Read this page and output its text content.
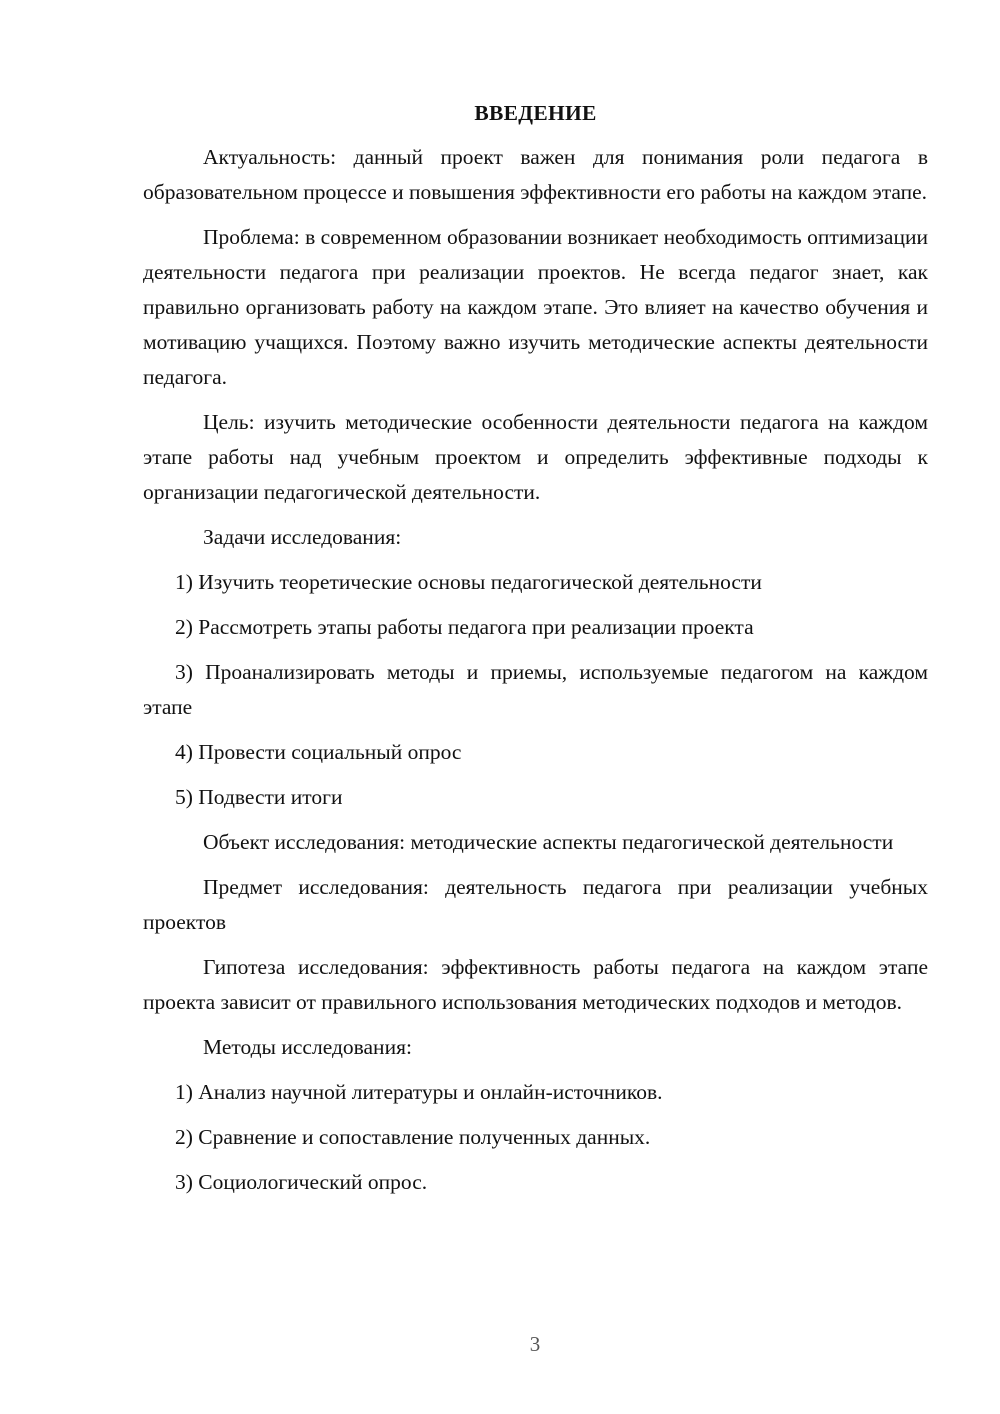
ВВЕДЕНИЕ

Актуальность: данный проект важен для понимания роли педагога в образовательном процессе и повышения эффективности его работы на каждом этапе.

Проблема: в современном образовании возникает необходимость оптимизации деятельности педагога при реализации проектов. Не всегда педагог знает, как правильно организовать работу на каждом этапе. Это влияет на качество обучения и мотивацию учащихся. Поэтому важно изучить методические аспекты деятельности педагога.

Цель: изучить методические особенности деятельности педагога на каждом этапе работы над учебным проектом и определить эффективные подходы к организации педагогической деятельности.

Задачи исследования:

1) Изучить теоретические основы педагогической деятельности

2) Рассмотреть этапы работы педагога при реализации проекта

3) Проанализировать методы и приемы, используемые педагогом на каждом этапе

4) Провести социальный опрос

5) Подвести итоги

Объект исследования: методические аспекты педагогической деятельности

Предмет исследования: деятельность педагога при реализации учебных проектов

Гипотеза исследования: эффективность работы педагога на каждом этапе проекта зависит от правильного использования методических подходов и методов.

Методы исследования:

1) Анализ научной литературы и онлайн-источников.

2) Сравнение и сопоставление полученных данных.

3) Социологический опрос.

3
